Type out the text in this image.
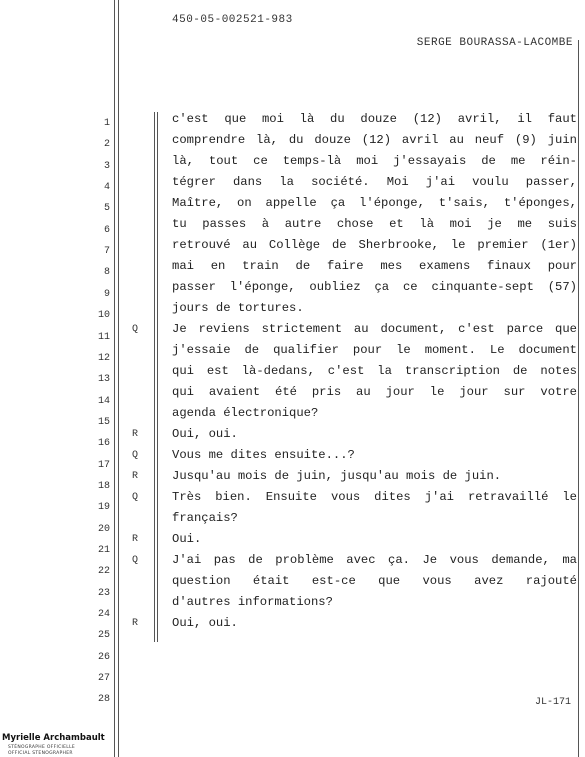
450-05-002521-983
SERGE BOURASSA-LACOMBE
1
2
3
4
5
6
7
8
9
10
11
12
13
14
15
16
17
18
19
20
21
22
23
24
25
26
27
28
c'est que moi là du douze (12) avril, il faut
comprendre là, du douze (12) avril au neuf (9) juin
là, tout ce temps-là moi j'essayais de me réin-
tégrer dans la société. Moi j'ai voulu passer,
Maître, on appelle ça l'éponge, t'sais, t'éponges,
tu passes à autre chose et là moi je me suis
retrouvé au Collège de Sherbrooke, le premier (1er)
mai en train de faire mes examens finaux pour
passer l'éponge, oubliez ça ce cinquante-sept (57)
jours de tortures.
Q	Je reviens strictement au document, c'est parce que
j'essaie de qualifier pour le moment. Le document
qui est là-dedans, c'est la transcription de notes
qui avaient été pris au jour le jour sur votre
agenda électronique?
R	Oui, oui.
Q	Vous me dites ensuite...?
R	Jusqu'au mois de juin, jusqu'au mois de juin.
Q	Très bien. Ensuite vous dites j'ai retravaillé le
français?
R	Oui.
Q	J'ai pas de problème avec ça. Je vous demande, ma
question était est-ce que vous avez rajouté
d'autres informations?
R	Oui, oui.
JL-171
Myrielle Archambault
STÉNOGRAPHE OFFICIELLE
OFFICIAL STENOGRAPHER
